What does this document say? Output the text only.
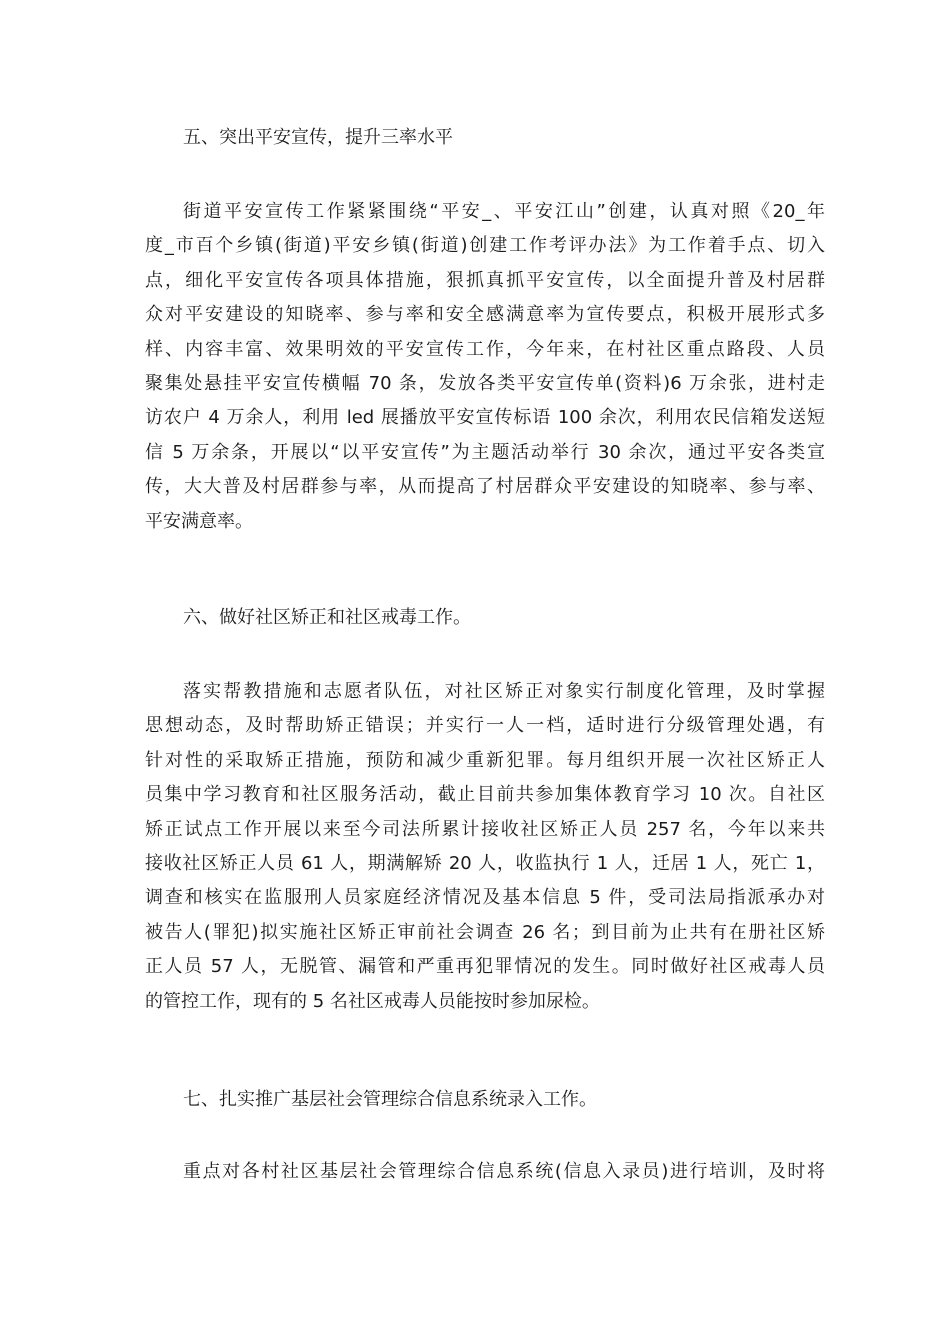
五、突出平安宣传，提升三率水平
街道平安宣传工作紧紧围绕“平安_、平安江山”创建，认真对照《20_年
度_市百个乡镇(街道)平安乡镇(街道)创建工作考评办法》为工作着手点、切入
点，细化平安宣传各项具体措施，狠抓真抓平安宣传，以全面提升普及村居群
众对平安建设的知晓率、参与率和安全感满意率为宣传要点，积极开展形式多
样、内容丰富、效果明效的平安宣传工作，今年来，在村社区重点路段、人员
聚集处悬挂平安宣传横幅 70 条，发放各类平安宣传单(资料)6 万余张，进村走
访农户 4 万余人，利用 led 展播放平安宣传标语 100 余次，利用农民信箱发送短
信 5 万余条，开展以“以平安宣传”为主题活动举行 30 余次，通过平安各类宣
传，大大普及村居群参与率，从而提高了村居群众平安建设的知晓率、参与率、
平安满意率。
六、做好社区矫正和社区戒毒工作。
落实帮教措施和志愿者队伍，对社区矫正对象实行制度化管理，及时掌握
思想动态，及时帮助矫正错误；并实行一人一档，适时进行分级管理处遇，有
针对性的采取矫正措施，预防和减少重新犯罪。每月组织开展一次社区矫正人
员集中学习教育和社区服务活动，截止目前共参加集体教育学习 10 次。自社区
矫正试点工作开展以来至今司法所累计接收社区矫正人员 257 名，今年以来共
接收社区矫正人员 61 人，期满解矫 20 人，收监执行 1 人，迁居 1 人，死亡 1，
调查和核实在监服刑人员家庭经济情况及基本信息 5 件，受司法局指派承办对
被告人(罪犯)拟实施社区矫正审前社会调查 26 名；到目前为止共有在册社区矫
正人员 57 人，无脱管、漏管和严重再犯罪情况的发生。同时做好社区戒毒人员
的管控工作，现有的 5 名社区戒毒人员能按时参加尿检。
七、扎实推广基层社会管理综合信息系统录入工作。
重点对各村社区基层社会管理综合信息系统(信息入录员)进行培训，及时将
